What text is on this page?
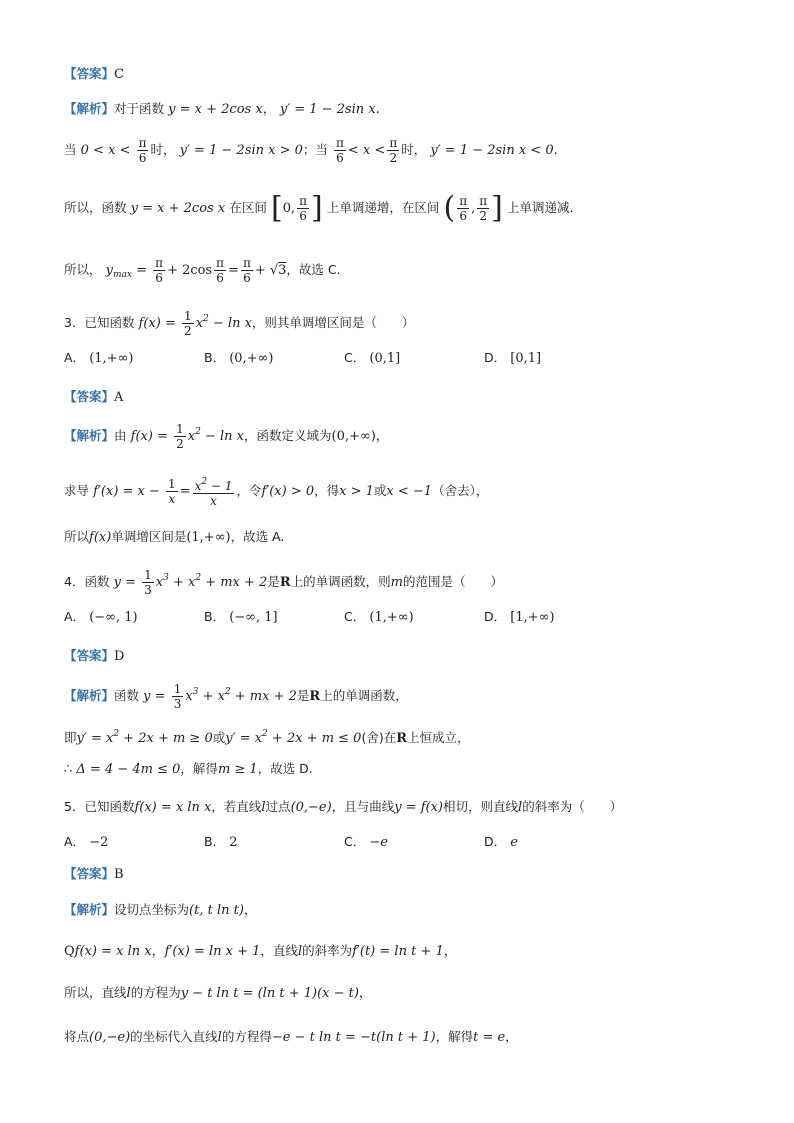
【答案】C
【解析】对于函数 y = x + 2cos x， y′ = 1 − 2sin x.
当 $0 < x < \frac{\pi}{6}$ 时， y′ = 1 − 2sin x > 0；当 $\frac{\pi}{6} < x < \frac{\pi}{2}$ 时， y′ = 1 − 2sin x < 0.
所以，函数 y = x + 2cos x 在区间 [0, $\frac{\pi}{6}$ ] 上单调递增，在区间 ( $\frac{\pi}{6}$ , $\frac{\pi}{2}$ ] 上单调递减.
所以， $y_{max} = \frac{\pi}{6} + 2\cos \frac{\pi}{6} = \frac{\pi}{6} + √3$，故选 C.
3．已知函数 $f(x) = \frac{1}{2} x^2 - \ln x$，则其单调增区间是（　　）
A． (1,+∞)	B． (0,+∞)	C． (0,1]	D． [0,1]
【答案】A
【解析】由 $f(x) = \frac{1}{2} x^2 - \ln x$，函数定义域为(0,+∞)，
求导 $f'(x) = x - \frac{1}{x} = \frac{x^2 - 1}{x}$ ，令f′(x) > 0，得x > 1或x < −1（舍去），
所以f(x)单调增区间是(1,+∞)，故选 A.
4．函数 $y = \frac{1}{3} x^3 + x^2$ + mx + 2是R上的单调函数，则m的范围是（　　）
A． (−∞, 1)	B． (−∞, 1]	C． (1,+∞)	D． [1,+∞)
【答案】D
【解析】函数 $y = \frac{1}{3} x^3 + x^2$ + mx + 2是R上的单调函数，
即$y' = x^2 + 2x + m \ge 0$或$y' = x^2 + 2x + m \le 0$(舍)在R上恒成立，
∴ Δ = 4 − 4m ≤ 0，解得m ≥ 1，故选 D.
5．已知函数f(x) = x ln x，若直线l过点(0,−e)，且与曲线y = f(x)相切，则直线l的斜率为（　　）
A． −2	B． 2	C． −e	D． e
【答案】B
【解析】设切点坐标为(t, t ln t)，
Qf(x) = x ln x，f′(x) = ln x + 1，直线l的斜率为f′(t) = ln t + 1，
所以，直线l的方程为y − t ln t = (ln t + 1)(x − t)，
将点(0,−e)的坐标代入直线l的方程得−e − t ln t = −t(ln t + 1)，解得t = e，
